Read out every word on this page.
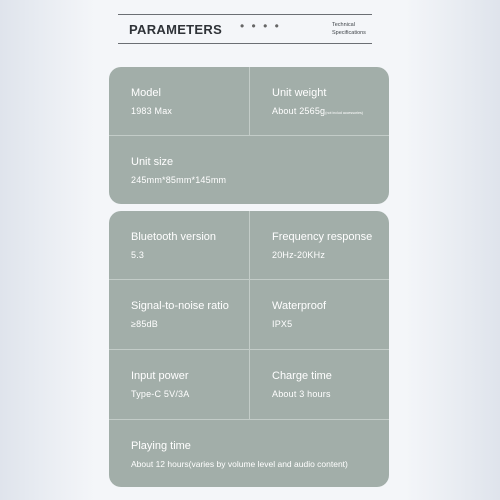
PARAMETERS • • • •	Technical
Specifications
Model
1983 Max
Unit weight
About 2565g(not includ accessories)
Unit size
245mm*85mm*145mm
Bluetooth version
5.3
Frequency response
20Hz-20KHz
Signal-to-noise ratio
≥85dB
Waterproof
IPX5
Input power
Type-C 5V/3A
Charge time
About 3 hours
Playing time
About 12 hours(varies by volume level and audio content)
